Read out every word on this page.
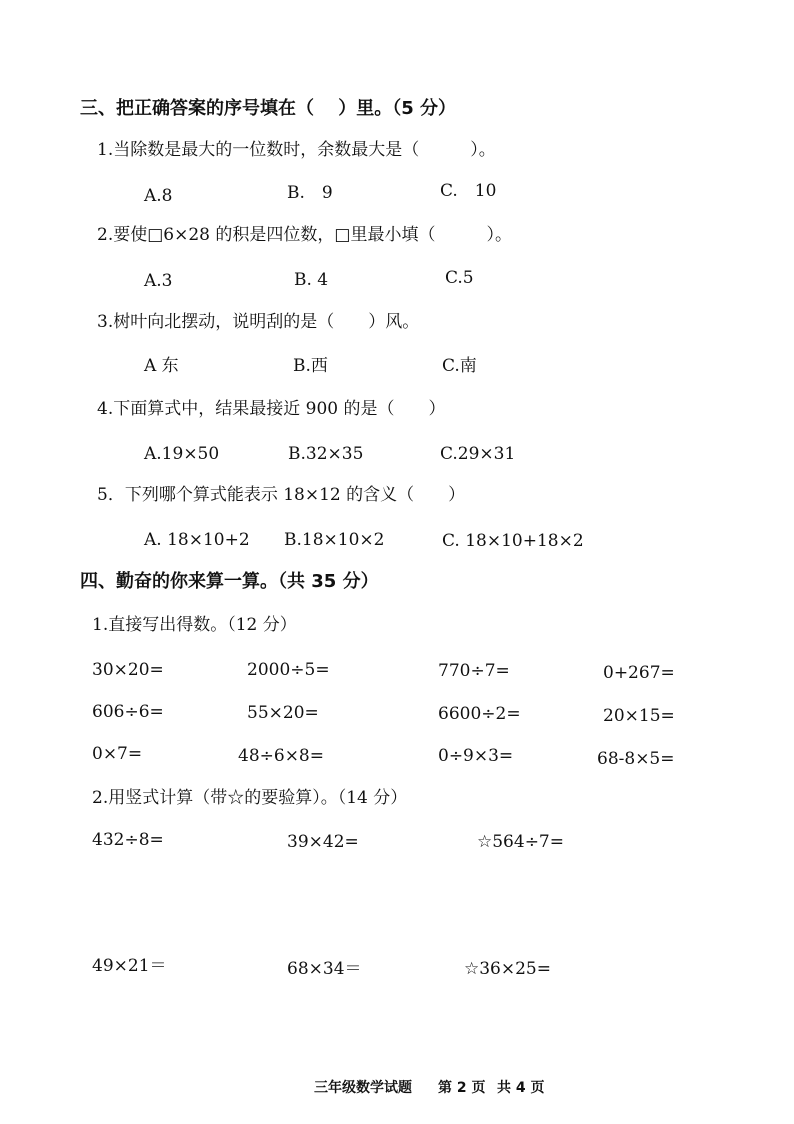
三、把正确答案的序号填在（　 ）里。（5 分）
1.当除数是最大的一位数时，余数最大是（　　　）。
A.8	B.　9	C.　10
2.要使□6×28 的积是四位数，□里最小填（　　　）。
A.3	B. 4	C.5
3.树叶向北摆动，说明刮的是（　　）风。
A 东	B.西	C.南
4.下面算式中，结果最接近 900 的是（　　）
A.19×50	B.32×35	C.29×31
5．下列哪个算式能表示 18×12 的含义（　　）
A. 18×10+2 B.18×10×2	C. 18×10+18×2
四、勤奋的你来算一算。（共 35 分）
1.直接写出得数。（12 分）
30×20=	2000÷5=	770÷7=	0+267=
606÷6=	55×20=	6600÷2=	20×15=
0×7=	48÷6×8=	0÷9×3=	68-8×5=
2.用竖式计算（带☆的要验算）。（14 分）
432÷8=	39×42=	☆564÷7=
49×21＝	68×34＝	☆36×25=
三年级数学试题 第 2 页 共 4 页
